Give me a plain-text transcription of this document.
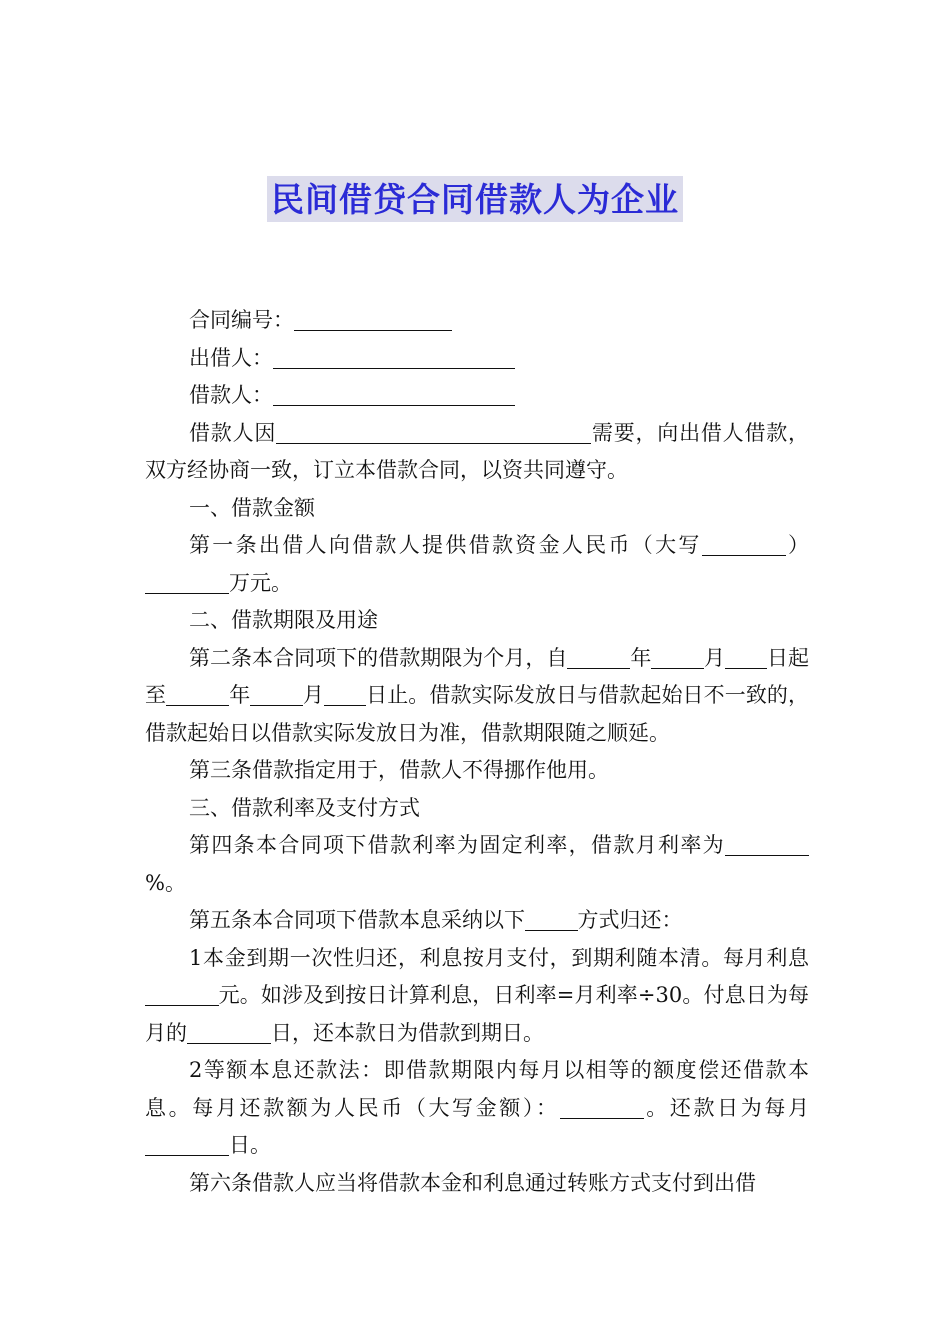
民间借贷合同借款人为企业

合同编号：

出借人：

借款人：

借款人因	需要，向出借人借款，双方经协商一致，订立本借款合同，以资共同遵守。

一、借款金额

第一条出借人向借款人提供借款资金人民币（大写	）万元。

二、借款期限及用途

第二条本合同项下的借款期限为个月，自	年	月 日起至	年	月 日止。借款实际发放日与借款起始日不一致的，借款起始日以借款实际发放日为准，借款期限随之顺延。

第三条借款指定用于，借款人不得挪作他用。

三、借款利率及支付方式

第四条本合同项下借款利率为固定利率，借款月利率为%。

第五条本合同项下借款本息采纳以下	方式归还：

1本金到期一次性归还，利息按月支付，到期利随本清。每月利息元。如涉及到按日计算利息，日利率=月利率÷30。付息日为每月的	日，还本款日为借款到期日。

2等额本息还款法：即借款期限内每月以相等的额度偿还借款本息。每月还款额为人民币（大写金额）：	。还款日为每月日。

第六条借款人应当将借款本金和利息通过转账方式支付到出借
